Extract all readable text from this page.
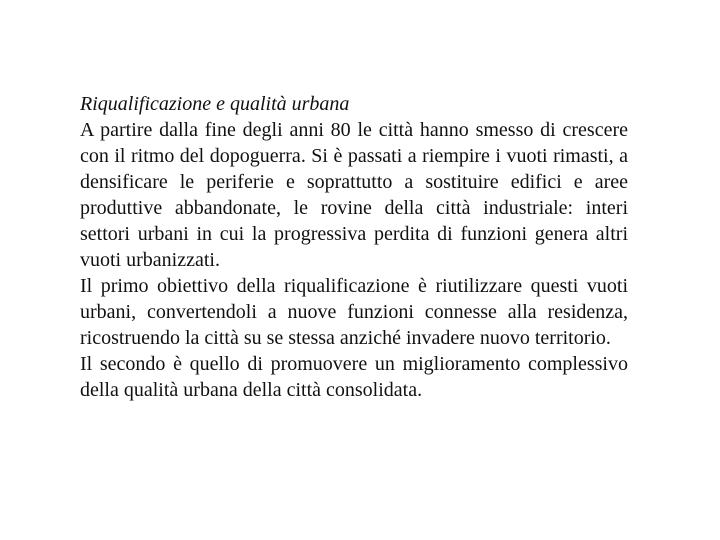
Riqualificazione e qualità urbana

A partire dalla fine degli anni 80 le città hanno smesso di crescere con il ritmo del dopoguerra. Si è passati a riempire i vuoti rimasti, a densificare le periferie e soprattutto a sostituire edifici e aree produttive abbandonate, le rovine della città industriale: interi settori urbani in cui la progressiva perdita di funzioni genera altri vuoti urbanizzati.

Il primo obiettivo della riqualificazione è riutilizzare questi vuoti urbani, convertendoli a nuove funzioni connesse alla residenza, ricostruendo la città su se stessa anziché invadere nuovo territorio.

Il secondo è quello di promuovere un miglioramento complessivo della qualità urbana della città consolidata.
